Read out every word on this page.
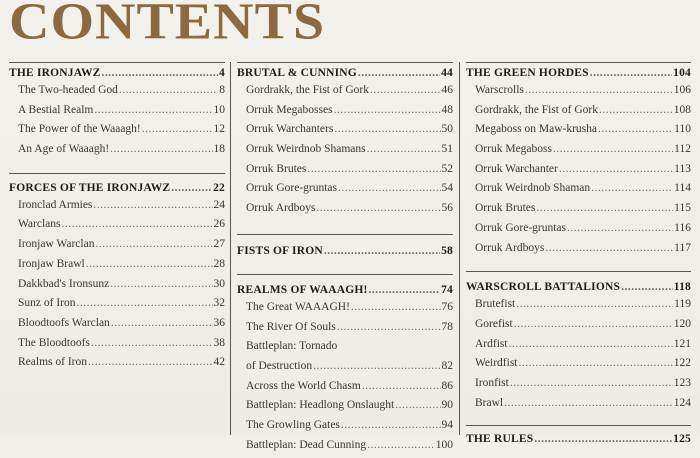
CONTENTS
THE IRONJAWZ .....	4
The Two-headed God .....	8
A Bestial Realm .....	10
The Power of the Waaagh! .....	12
An Age of Waaagh! .....	18
FORCES OF THE IRONJAWZ .....	22
Ironclad Armies .....	24
Warclans .....	26
Ironjaw Warclan .....	27
Ironjaw Brawl .....	28
Dakkbad's Ironsunz .....	30
Sunz of Iron .....	32
Bloodtoofs Warclan .....	36
The Bloodtoofs .....	38
Realms of Iron .....	42
BRUTAL & CUNNING .....	44
Gordrakk, the Fist of Gork .....	46
Orruk Megabosses .....	48
Orruk Warchanters .....	50
Orruk Weirdnob Shamans .....	51
Orruk Brutes .....	52
Orruk Gore-gruntas .....	54
Orruk Ardboys .....	56
FISTS OF IRON .....	58
REALMS OF WAAAGH! .....	74
The Great WAAAGH! .....	76
The River Of Souls .....	78
Battleplan: Tornado
of Destruction .....	82
Across the World Chasm .....	86
Battleplan: Headlong Onslaught .....	90
The Growling Gates .....	94
Battleplan: Dead Cunning .....	100
THE GREEN HORDES .....	104
Warscrolls .....	106
Gordrakk, the Fist of Gork .....	108
Megaboss on Maw-krusha .....	110
Orruk Megaboss .....	112
Orruk Warchanter .....	113
Orruk Weirdnob Shaman .....	114
Orruk Brutes .....	115
Orruk Gore-gruntas .....	116
Orruk Ardboys .....	117
WARSCROLL BATTALIONS .....	118
Brutefist .....	119
Gorefist .....	120
Ardfist .....	121
Weirdfist .....	122
Ironfist .....	123
Brawl .....	124
THE RULES .....	125
